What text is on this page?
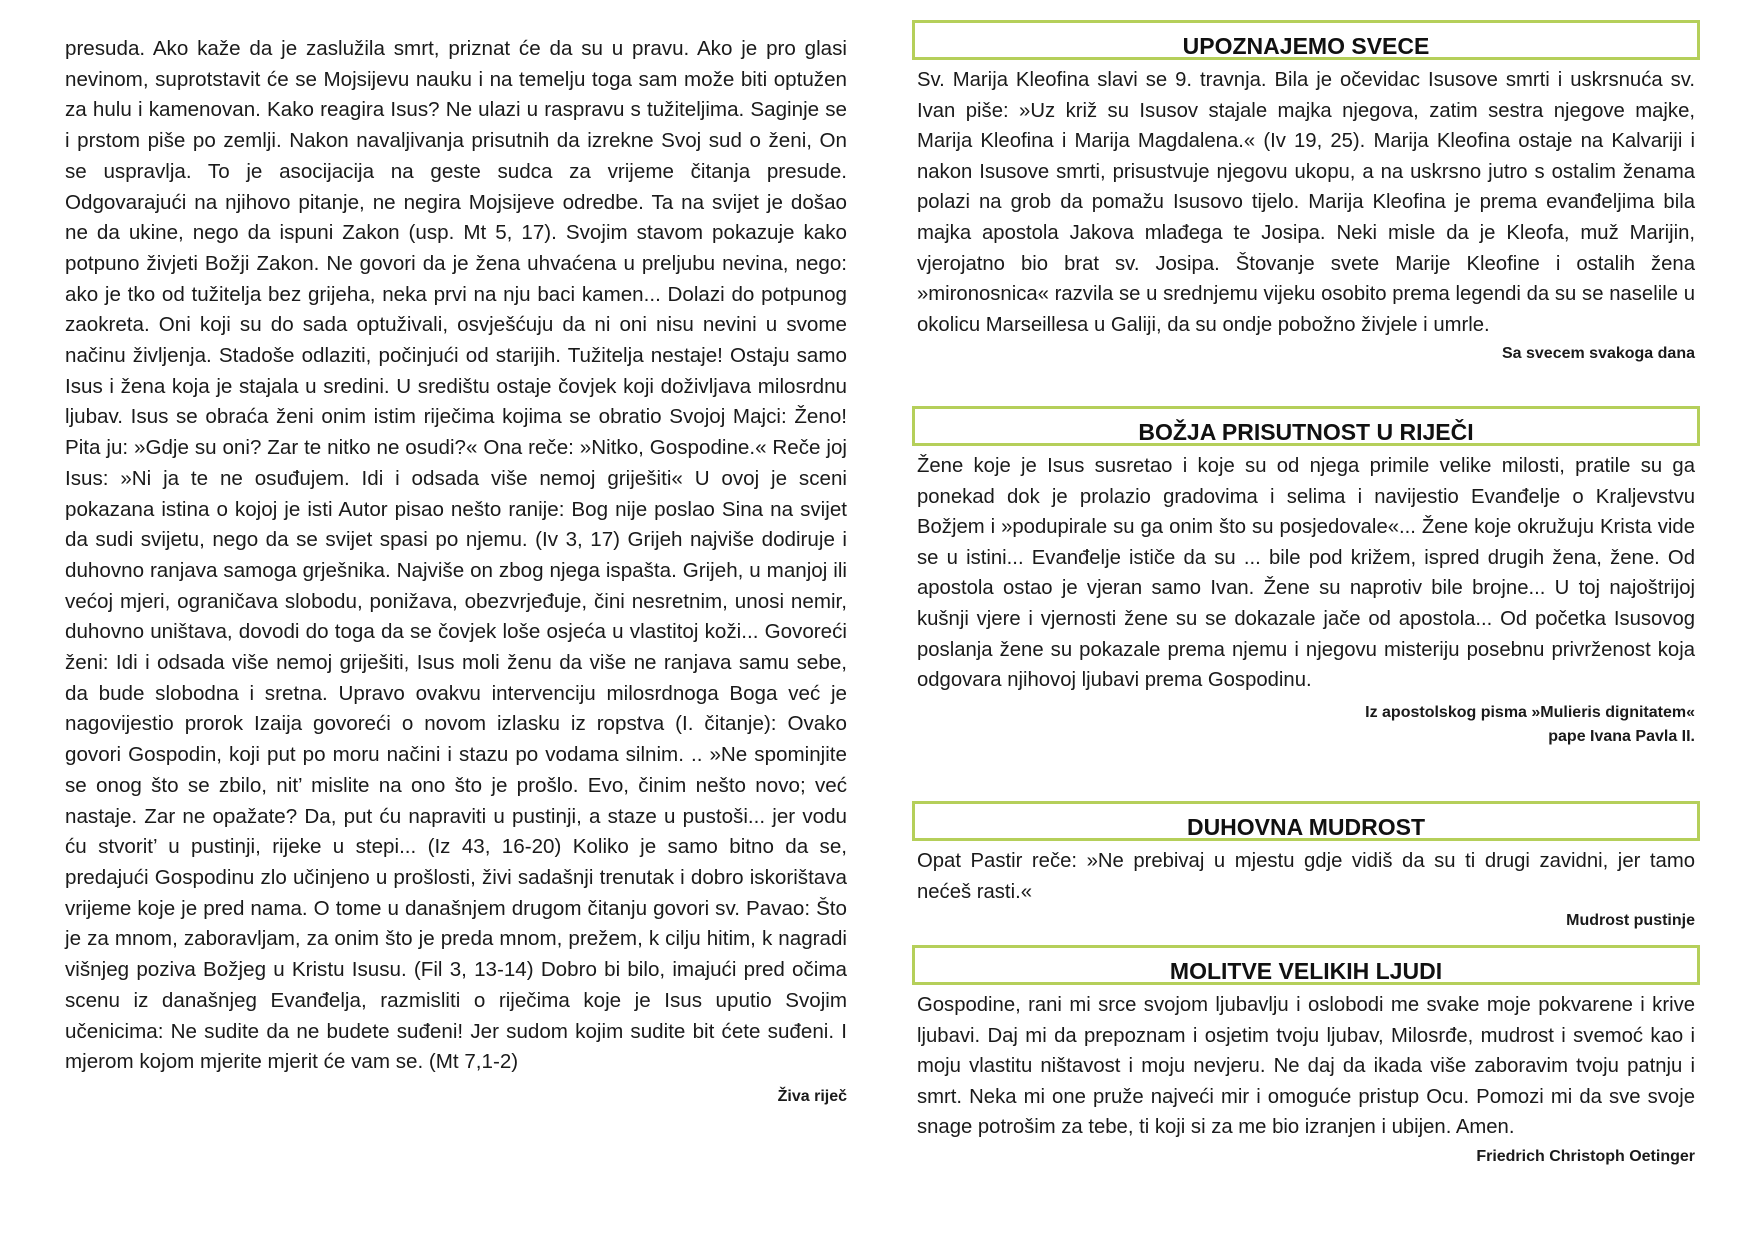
presuda. Ako kaže da je zaslužila smrt, priznat će da su u pravu. Ako je pro glasi nevinom, suprotstavit će se Mojsijevu nauku i na temelju toga sam može biti optužen za hulu i kamenovan. Kako reagira Isus? Ne ulazi u raspravu s tužiteljima. Saginje se i prstom piše po zemlji. Nakon navaljivanja prisutnih da izrekne Svoj sud o ženi, On se uspravlja. To je asocijacija na geste sudca za vrijeme čitanja presude. Odgovarajući na njihovo pitanje, ne negira Mojsijeve odredbe. Ta na svijet je došao ne da ukine, nego da ispuni Zakon (usp. Mt 5, 17). Svojim stavom pokazuje kako potpuno živjeti Božji Zakon. Ne govori da je žena uhvaćena u preljubu nevina, nego: ako je tko od tužitelja bez grijeha, neka prvi na nju baci kamen... Dolazi do potpunog zaokreta. Oni koji su do sada optuživali, osvješćuju da ni oni nisu nevini u svome načinu življenja. Stadoše odlaziti, počinjući od starijih. Tužitelja nestaje! Ostaju samo Isus i žena koja je stajala u sredini. U središtu ostaje čovjek koji doživljava milosrdnu ljubav. Isus se obraća ženi onim istim riječima kojima se obratio Svojoj Majci: Ženo! Pita ju: »Gdje su oni? Zar te nitko ne osudi?« Ona reče: »Nitko, Gospodine.« Reče joj Isus: »Ni ja te ne osuđujem. Idi i odsada više nemoj griješiti« U ovoj je sceni pokazana istina o kojoj je isti Autor pisao nešto ranije: Bog nije poslao Sina na svijet da sudi svijetu, nego da se svijet spasi po njemu. (Iv 3, 17) Grijeh najviše dodiruje i duhovno ranjava samoga grješnika. Najviše on zbog njega ispašta. Grijeh, u manjoj ili većoj mjeri, ograničava slobodu, ponižava, obezvrjeđuje, čini nesretnim, unosi nemir, duhovno uništava, dovodi do toga da se čovjek loše osjeća u vlastitoj koži... Govoreći ženi: Idi i odsada više nemoj griješiti, Isus moli ženu da više ne ranjava samu sebe, da bude slobodna i sretna. Upravo ovakvu intervenciju milosrdnoga Boga već je nagovijestio prorok Izaija govoreći o novom izlasku iz ropstva (I. čitanje): Ovako govori Gospodin, koji put po moru načini i stazu po vodama silnim. .. »Ne spominjite se onog što se zbilo, nit’ mislite na ono što je prošlo. Evo, činim nešto novo; već nastaje. Zar ne opažate? Da, put ću napraviti u pustinji, a staze u pustoši... jer vodu ću stvorit’ u pustinji, rijeke u stepi... (Iz 43, 16-20) Koliko je samo bitno da se, predajući Gospodinu zlo učinjeno u prošlosti, živi sadašnji trenutak i dobro iskorištava vrijeme koje je pred nama. O tome u današnjem drugom čitanju govori sv. Pavao: Što je za mnom, zaboravljam, za onim što je preda mnom, prežem, k cilju hitim, k nagradi višnjeg poziva Božjeg u Kristu Isusu. (Fil 3, 13-14) Dobro bi bilo, imajući pred očima scenu iz današnjeg Evanđelja, razmisliti o riječima koje je Isus uputio Svojim učenicima: Ne sudite da ne budete suđeni! Jer sudom kojim sudite bit ćete suđeni. I mjerom kojom mjerite mjerit će vam se. (Mt 7,1-2)

Živa riječ
UPOZNAJEMO SVECE

Sv. Marija Kleofina slavi se 9. travnja. Bila je očevidac Isusove smrti i uskrsnuća sv. Ivan piše: »Uz križ su Isusov stajale majka njegova, zatim sestra njegove majke, Marija Kleofina i Marija Magdalena.« (Iv 19, 25). Marija Kleofina ostaje na Kalvariji i nakon Isusove smrti, prisustvuje njegovu ukopu, a na uskrsno jutro s ostalim ženama polazi na grob da pomažu Isusovo tijelo. Marija Kleofina je prema evanđeljima bila majka apostola Jakova mlađega te Josipa. Neki misle da je Kleofa, muž Marijin, vjerojatno bio brat sv. Josipa. Štovanje svete Marije Kleofine i ostalih žena »mironosnica« razvila se u srednjemu vijeku osobito prema legendi da su se naselile u okolicu Marseillesa u Galiji, da su ondje pobožno živjele i umrle.

Sa svecem svakoga dana
BOŽJA PRISUTNOST U RIJEČI

Žene koje je Isus susretao i koje su od njega primile velike milosti, pratile su ga ponekad dok je prolazio gradovima i selima i navijestio Evanđelje o Kraljevstvu Božjem i »podupirale su ga onim što su posjedovale«... Žene koje okružuju Krista vide se u istini... Evanđelje ističe da su ... bile pod križem, ispred drugih žena, žene. Od apostola ostao je vjeran samo Ivan. Žene su naprotiv bile brojne... U toj najoštrijoj kušnji vjere i vjernosti žene su se dokazale jače od apostola... Od početka Isusovog poslanja žene su pokazale prema njemu i njegovu misteriju posebnu privrženost koja odgovara njihovoj ljubavi prema Gospodinu.

Iz apostolskog pisma »Mulieris dignitatem«
pape Ivana Pavla II.
DUHOVNA MUDROST

Opat Pastir reče: »Ne prebivaj u mjestu gdje vidiš da su ti drugi zavidni, jer tamo nećeš rasti.«

Mudrost pustinje
MOLITVE VELIKIH LJUDI

Gospodine, rani mi srce svojom ljubavlju i oslobodi me svake moje pokvarene i krive ljubavi. Daj mi da prepoznam i osjetim tvoju ljubav, Milosrđe, mudrost i svemoć kao i moju vlastitu ništavost i moju nevjeru. Ne daj da ikada više zaboravim tvoju patnju i smrt. Neka mi one pruže najveći mir i omoguće pristup Ocu. Pomozi mi da sve svoje snage potrošim za tebe, ti koji si za me bio izranjen i ubijen. Amen.

Friedrich Christoph Oetinger
